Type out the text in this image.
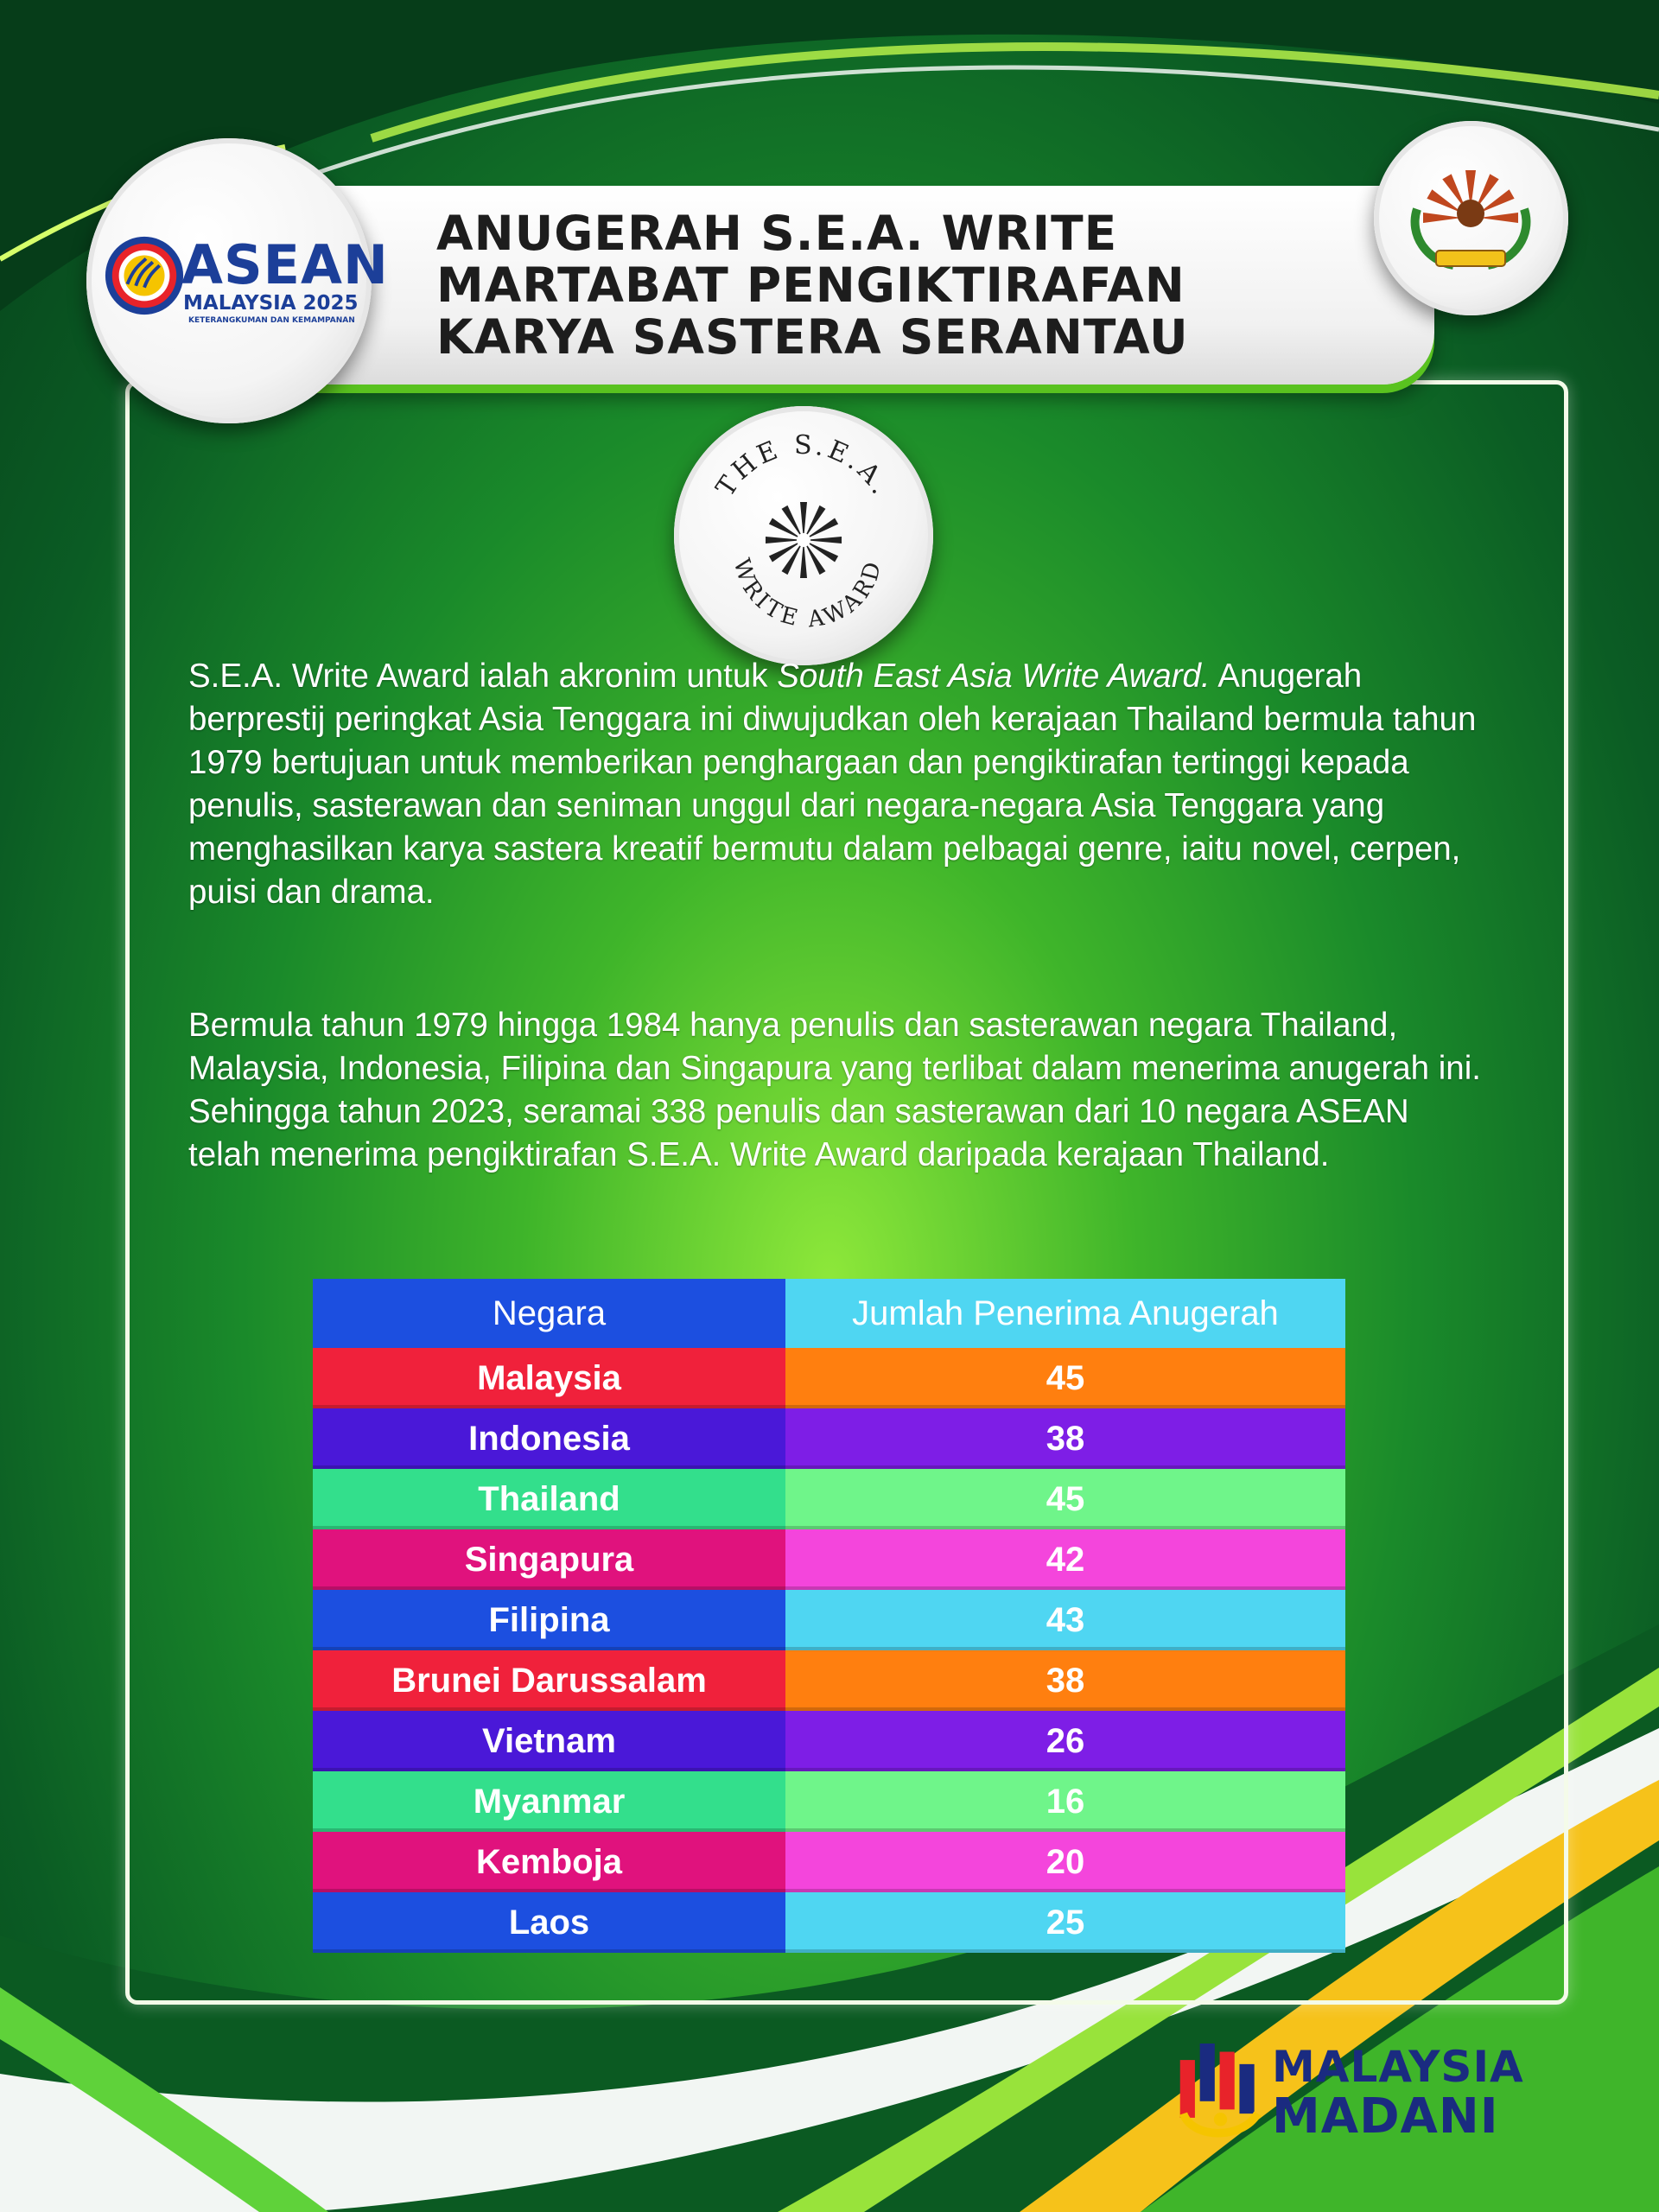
ANUGERAH S.E.A. WRITE
MARTABAT PENGIKTIRAFAN
KARYA SASTERA SERANTAU
ASEAN
MALAYSIA 2025
KETERANGKUMAN DAN KEMAMPANAN
THE S.E.A.
WRITE AWARD

S.E.A. Write Award ialah akronim untuk South East Asia Write Award. Anugerah berprestij peringkat Asia Tenggara ini diwujudkan oleh kerajaan Thailand bermula tahun 1979 bertujuan untuk memberikan penghargaan dan pengiktirafan tertinggi kepada penulis, sasterawan dan seniman unggul dari negara-negara Asia Tenggara yang menghasilkan karya sastera kreatif bermutu dalam pelbagai genre, iaitu novel, cerpen, puisi dan drama.

Bermula tahun 1979 hingga 1984 hanya penulis dan sasterawan negara Thailand, Malaysia, Indonesia, Filipina dan Singapura yang terlibat dalam menerima anugerah ini. Sehingga tahun 2023, seramai 338 penulis dan sasterawan dari 10 negara ASEAN telah menerima pengiktirafan S.E.A. Write Award daripada kerajaan Thailand.

Negara	Jumlah Penerima Anugerah
Malaysia	45
Indonesia	38
Thailand	45
Singapura	42
Filipina	43
Brunei Darussalam	38
Vietnam	26
Myanmar	16
Kemboja	20
Laos	25
MALAYSIA
MADANI
